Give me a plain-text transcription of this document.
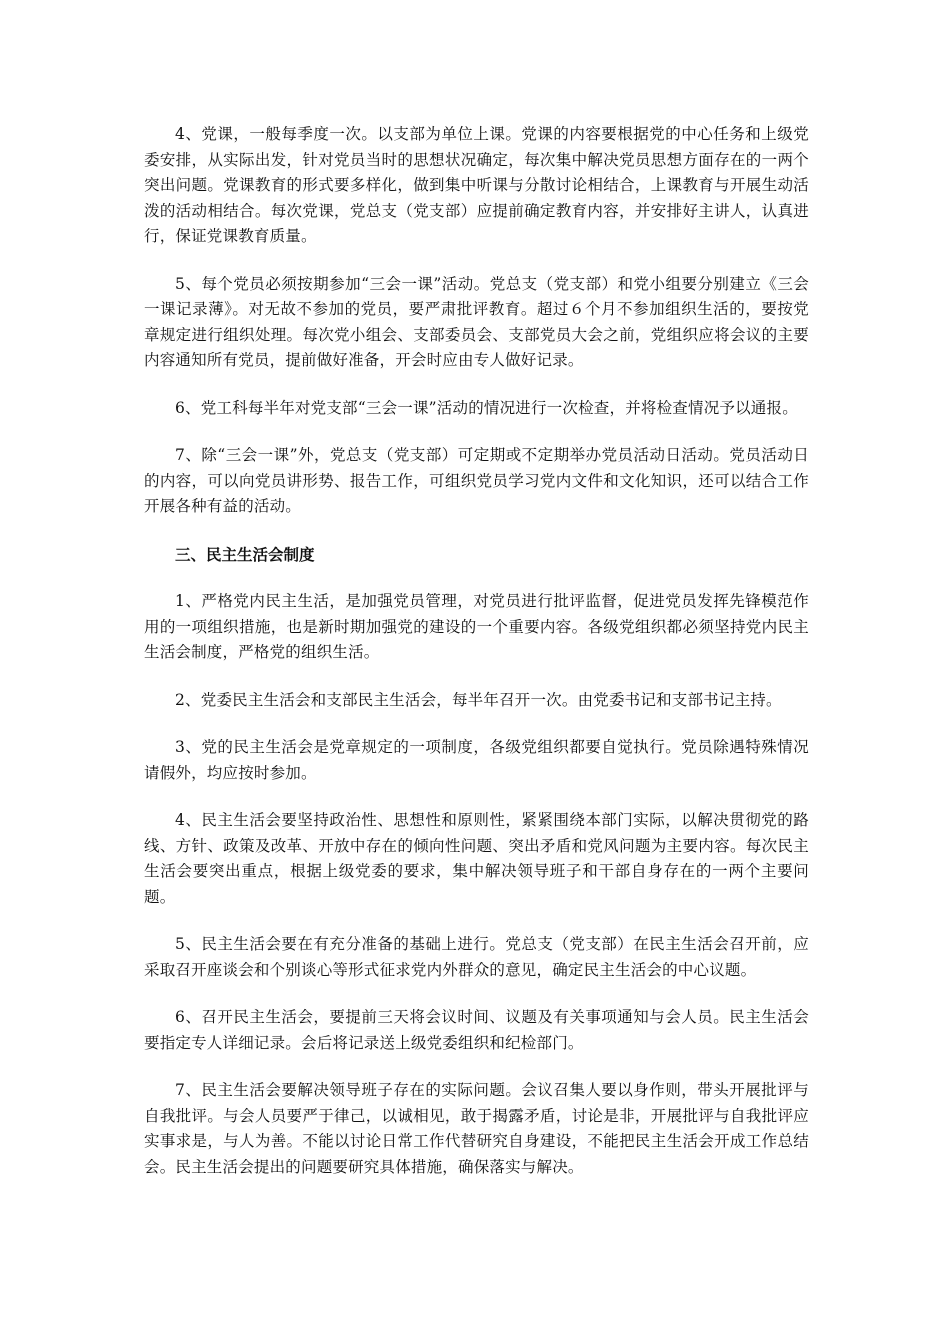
4、党课，一般每季度一次。以支部为单位上课。党课的内容要根据党的中心任务和上级党委安排，从实际出发，针对党员当时的思想状况确定，每次集中解决党员思想方面存在的一两个突出问题。党课教育的形式要多样化，做到集中听课与分散讨论相结合，上课教育与开展生动活泼的活动相结合。每次党课，党总支（党支部）应提前确定教育内容，并安排好主讲人，认真进行，保证党课教育质量。

5、每个党员必须按期参加“三会一课”活动。党总支（党支部）和党小组要分别建立《三会一课记录薄》。对无故不参加的党员，要严肃批评教育。超过６个月不参加组织生活的，要按党章规定进行组织处理。每次党小组会、支部委员会、支部党员大会之前，党组织应将会议的主要内容通知所有党员，提前做好准备，开会时应由专人做好记录。

6、党工科每半年对党支部“三会一课”活动的情况进行一次检查，并将检查情况予以通报。

7、除“三会一课”外，党总支（党支部）可定期或不定期举办党员活动日活动。党员活动日的内容，可以向党员讲形势、报告工作，可组织党员学习党内文件和文化知识，还可以结合工作开展各种有益的活动。

三、民主生活会制度

1、严格党内民主生活，是加强党员管理，对党员进行批评监督，促进党员发挥先锋模范作用的一项组织措施，也是新时期加强党的建设的一个重要内容。各级党组织都必须坚持党内民主生活会制度，严格党的组织生活。

2、党委民主生活会和支部民主生活会，每半年召开一次。由党委书记和支部书记主持。

3、党的民主生活会是党章规定的一项制度，各级党组织都要自觉执行。党员除遇特殊情况请假外，均应按时参加。

4、民主生活会要坚持政治性、思想性和原则性，紧紧围绕本部门实际，以解决贯彻党的路线、方针、政策及改革、开放中存在的倾向性问题、突出矛盾和党风问题为主要内容。每次民主生活会要突出重点，根据上级党委的要求，集中解决领导班子和干部自身存在的一两个主要问题。

5、民主生活会要在有充分准备的基础上进行。党总支（党支部）在民主生活会召开前，应采取召开座谈会和个别谈心等形式征求党内外群众的意见，确定民主生活会的中心议题。

6、召开民主生活会，要提前三天将会议时间、议题及有关事项通知与会人员。民主生活会要指定专人详细记录。会后将记录送上级党委组织和纪检部门。

7、民主生活会要解决领导班子存在的实际问题。会议召集人要以身作则，带头开展批评与自我批评。与会人员要严于律己，以诚相见，敢于揭露矛盾，讨论是非，开展批评与自我批评应实事求是，与人为善。不能以讨论日常工作代替研究自身建设，不能把民主生活会开成工作总结会。民主生活会提出的问题要研究具体措施，确保落实与解决。
